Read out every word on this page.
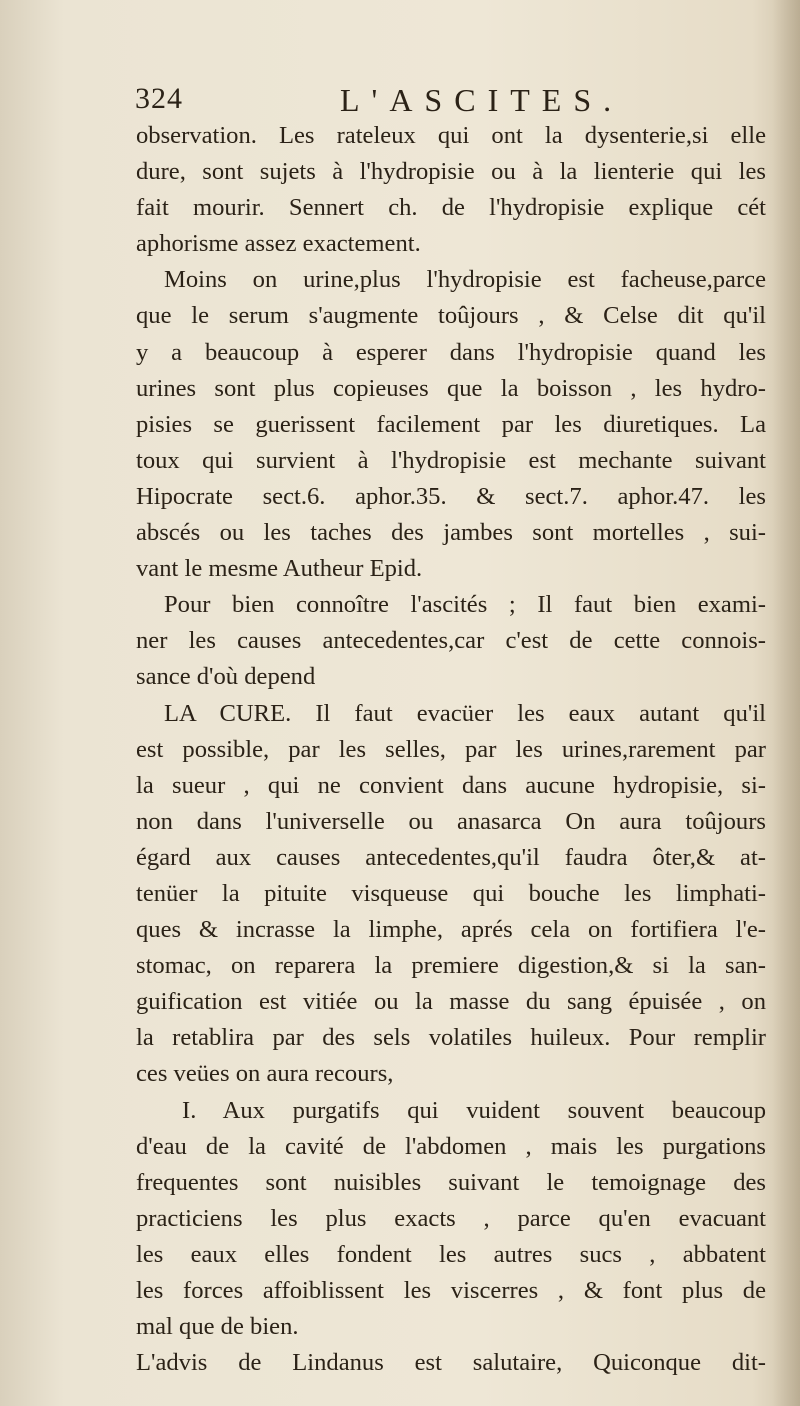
324	L'ASCITES.
observation. Les rateleux qui ont la dysenterie,si elle
dure, sont sujets à l'hydropisie ou à la lienterie qui les
fait mourir. Sennert ch. de l'hydropisie explique cét
aphorisme assez exactement.
Moins on urine,plus l'hydropisie est facheuse,parce
que le serum s'augmente toûjours , & Celse dit qu'il
y a beaucoup à esperer dans l'hydropisie quand les
urines sont plus copieuses que la boisson , les hydro-
pisies se guerissent facilement par les diuretiques. La
toux qui survient à l'hydropisie est mechante suivant
Hipocrate sect.6. aphor.35. & sect.7. aphor.47. les
abscés ou les taches des jambes sont mortelles , sui-
vant le mesme Autheur Epid.
Pour bien connoître l'ascités ; Il faut bien exami-
ner les causes antecedentes,car c'est de cette connois-
sance d'où depend
LA CURE. Il faut evacüer les eaux autant qu'il
est possible, par les selles, par les urines,rarement par
la sueur , qui ne convient dans aucune hydropisie, si-
non dans l'universelle ou anasarca On aura toûjours
égard aux causes antecedentes,qu'il faudra ôter,& at-
tenüer la pituite visqueuse qui bouche les limphati-
ques & incrasse la limphe, aprés cela on fortifiera l'e-
stomac, on reparera la premiere digestion,& si la san-
guification est vitiée ou la masse du sang épuisée , on
la retablira par des sels volatiles huileux. Pour remplir
ces veües on aura recours,
I. Aux purgatifs qui vuident souvent beaucoup
d'eau de la cavité de l'abdomen , mais les purgations
frequentes sont nuisibles suivant le temoignage des
practiciens les plus exacts , parce qu'en evacuant
les eaux elles fondent les autres sucs , abbatent
les forces affoiblissent les viscerres , & font plus de
mal que de bien.
L'advis de Lindanus est salutaire, Quiconque dit-
